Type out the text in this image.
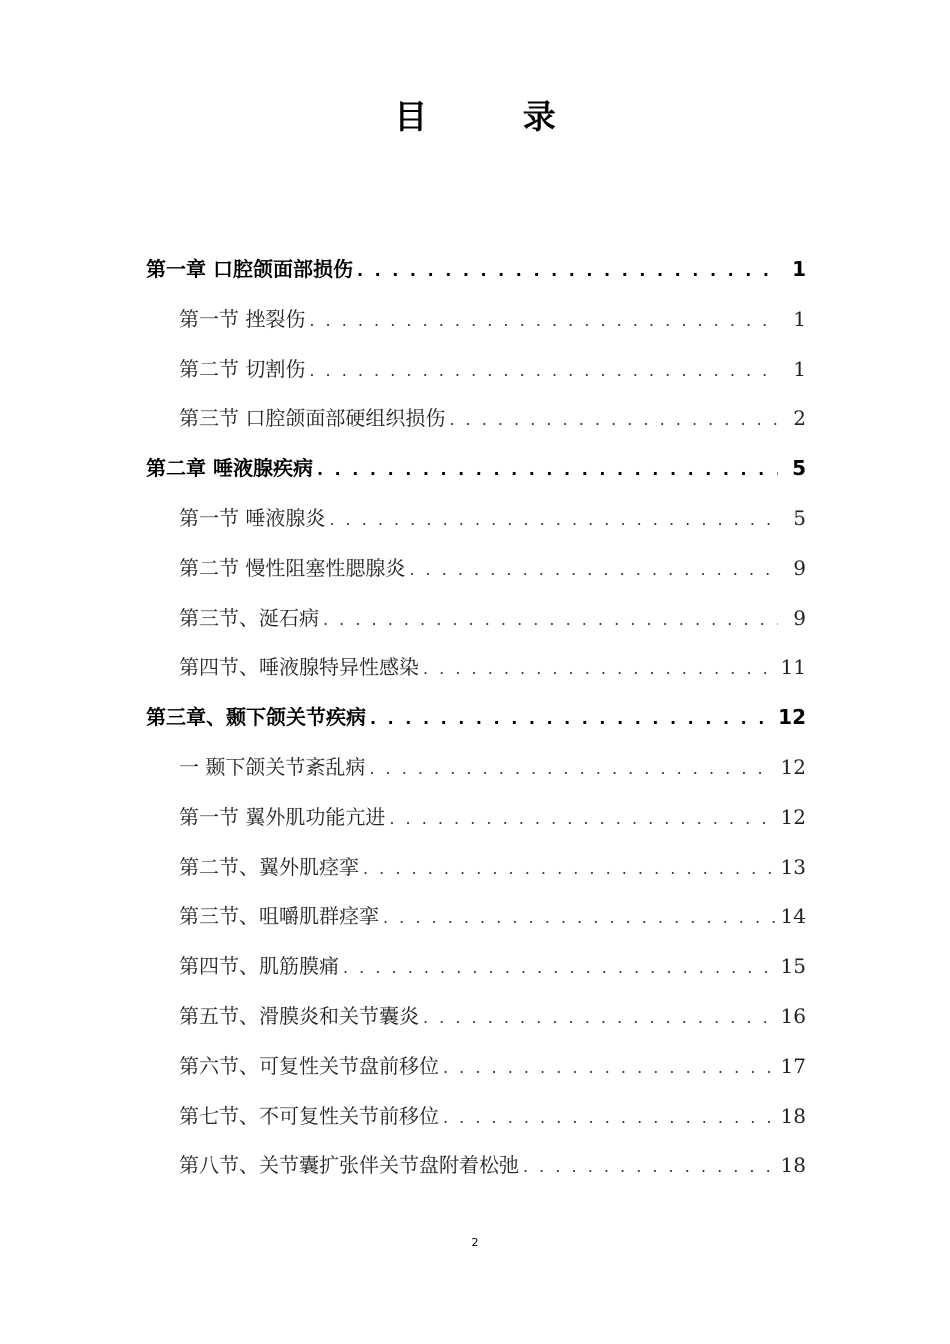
目 录
第一章 口腔颌面部损伤 . . .	1
第一节 挫裂伤 . . .	1
第二节 切割伤 . . .	1
第三节 口腔颌面部硬组织损伤 . . .	2
第二章 唾液腺疾病 . . .	5
第一节 唾液腺炎 . . .	5
第二节 慢性阻塞性腮腺炎 . . .	9
第三节、涎石病 . . .	9
第四节、唾液腺特异性感染 . . .	11
第三章、颞下颌关节疾病 . . .	12
一 颞下颌关节紊乱病 . . .	12
第一节 翼外肌功能亢进 . . .	12
第二节、翼外肌痉挛 . . .	13
第三节、咀嚼肌群痉挛 . . .	14
第四节、肌筋膜痛 . . .	15
第五节、滑膜炎和关节囊炎 . . .	16
第六节、可复性关节盘前移位 . . .	17
第七节、不可复性关节前移位 . . .	18
第八节、关节囊扩张伴关节盘附着松弛 . . .	18
2
